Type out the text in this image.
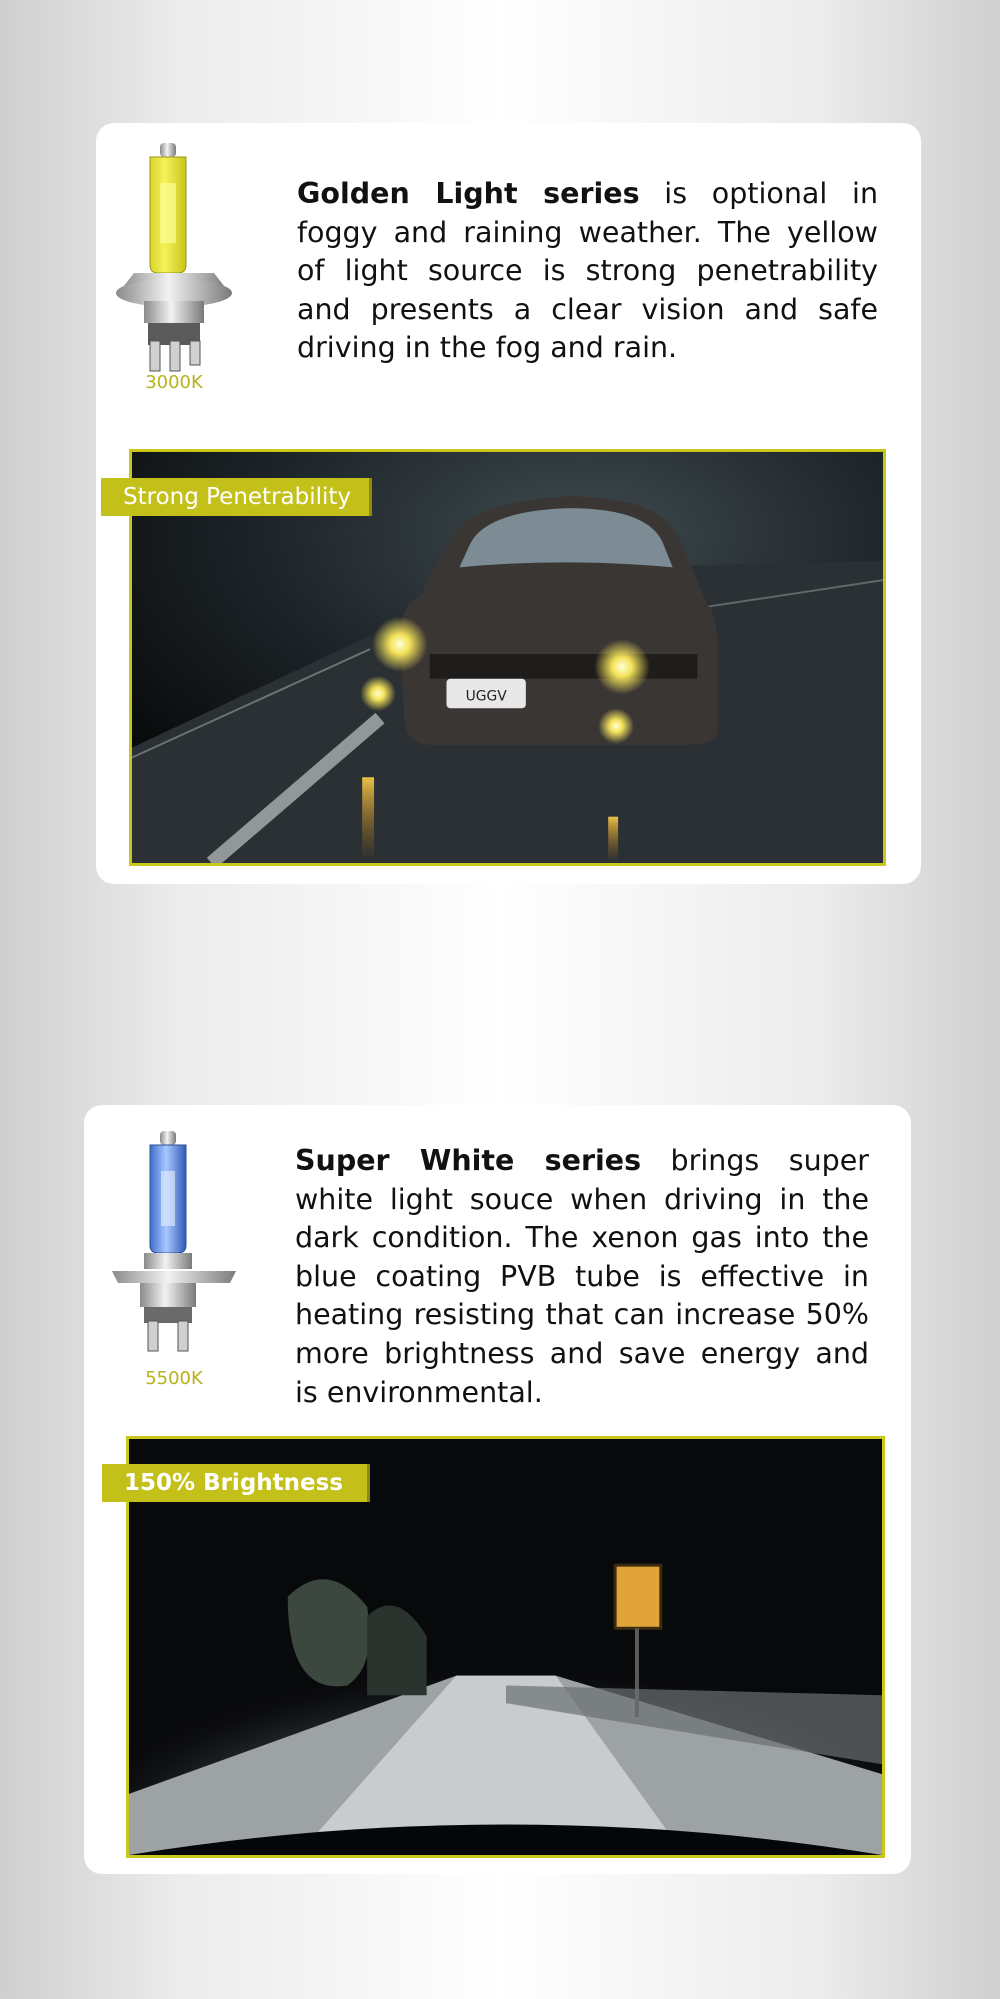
3000K

Golden Light series is optional in foggy and raining weather. The yellow of light source is strong penetrability and presents a clear vision and safe driving in the fog and rain.

UGGV
Strong Penetrability
5500K

Super White series brings super white light souce when driving in the dark condition. The xenon gas into the blue coating PVB tube is effective in heating resisting that can increase 50% more brightness and save energy and is environmental.

150% Brightness
